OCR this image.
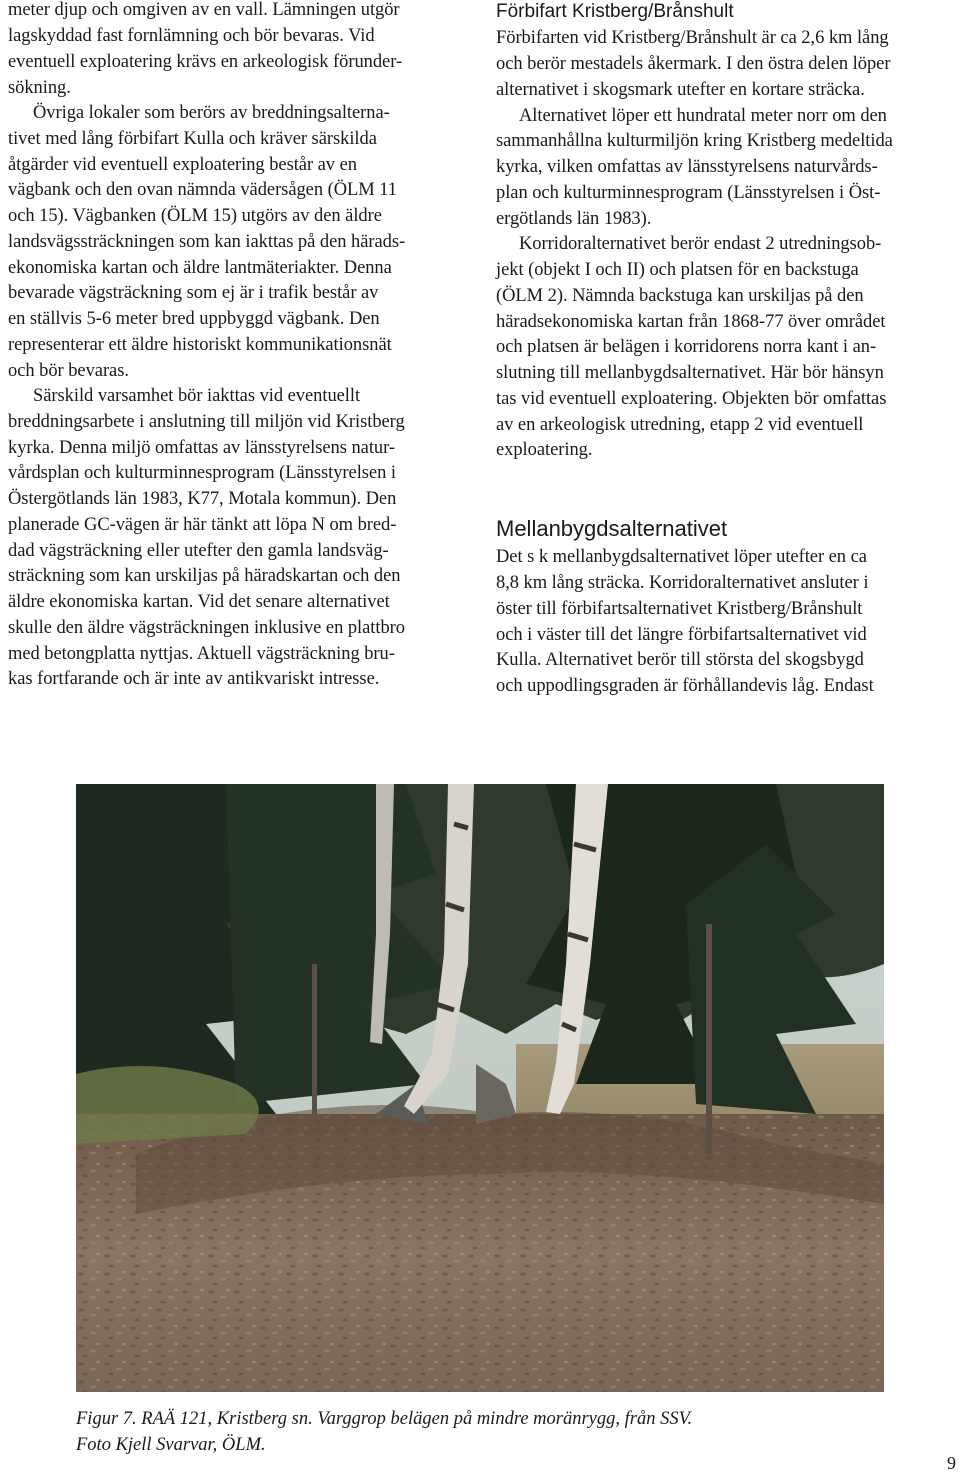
meter djup och omgiven av en vall. Lämningen utgör
lagskyddad fast fornlämning och bör bevaras. Vid
eventuell exploatering krävs en arkeologisk förunder-
sökning.
Övriga lokaler som berörs av breddningsalterna-
tivet med lång förbifart Kulla och kräver särskilda
åtgärder vid eventuell exploatering består av en
vägbank och den ovan nämnda vädersågen (ÖLM 11
och 15). Vägbanken (ÖLM 15) utgörs av den äldre
landsvägssträckningen som kan iakttas på den härads-
ekonomiska kartan och äldre lantmäteriakter. Denna
bevarade vägsträckning som ej är i trafik består av
en ställvis 5-6 meter bred uppbyggd vägbank. Den
representerar ett äldre historiskt kommunikationsnät
och bör bevaras.
Särskild varsamhet bör iakttas vid eventuellt
breddningsarbete i anslutning till miljön vid Kristberg
kyrka. Denna miljö omfattas av länsstyrelsens natur-
vårdsplan och kulturminnesprogram (Länsstyrelsen i
Östergötlands län 1983, K77, Motala kommun). Den
planerade GC-vägen är här tänkt att löpa N om bred-
dad vägsträckning eller utefter den gamla landsväg-
sträckning som kan urskiljas på häradskartan och den
äldre ekonomiska kartan. Vid det senare alternativet
skulle den äldre vägsträckningen inklusive en plattbro
med betongplatta nyttjas. Aktuell vägsträckning bru-
kas fortfarande och är inte av antikvariskt intresse.
Förbifart Kristberg/Brånshult
Förbifarten vid Kristberg/Brånshult är ca 2,6 km lång
och berör mestadels åkermark. I den östra delen löper
alternativet i skogsmark utefter en kortare sträcka.
Alternativet löper ett hundratal meter norr om den
sammanhållna kulturmiljön kring Kristberg medeltida
kyrka, vilken omfattas av länsstyrelsens naturvårds-
plan och kulturminnesprogram (Länsstyrelsen i Öst-
ergötlands län 1983).
Korridoralternativet berör endast 2 utredningsob-
jekt (objekt I och II) och platsen för en backstuga
(ÖLM 2). Nämnda backstuga kan urskiljas på den
häradsekonomiska kartan från 1868-77 över området
och platsen är belägen i korridorens norra kant i an-
slutning till mellanbygdsalternativet. Här bör hänsyn
tas vid eventuell exploatering. Objekten bör omfattas
av en arkeologisk utredning, etapp 2 vid eventuell
exploatering.
Mellanbygdsalternativet
Det s k mellanbygdsalternativet löper utefter en ca
8,8 km lång sträcka. Korridoralternativet ansluter i
öster till förbifartsalternativet Kristberg/Brånshult
och i väster till det längre förbifartsalternativet vid
Kulla. Alternativet berör till största del skogsbygd
och uppodlingsgraden är förhållandevis låg. Endast
Figur 7. RAÄ 121, Kristberg sn. Varggrop belägen på mindre moränrygg, från SSV.
Foto Kjell Svarvar, ÖLM.
9
